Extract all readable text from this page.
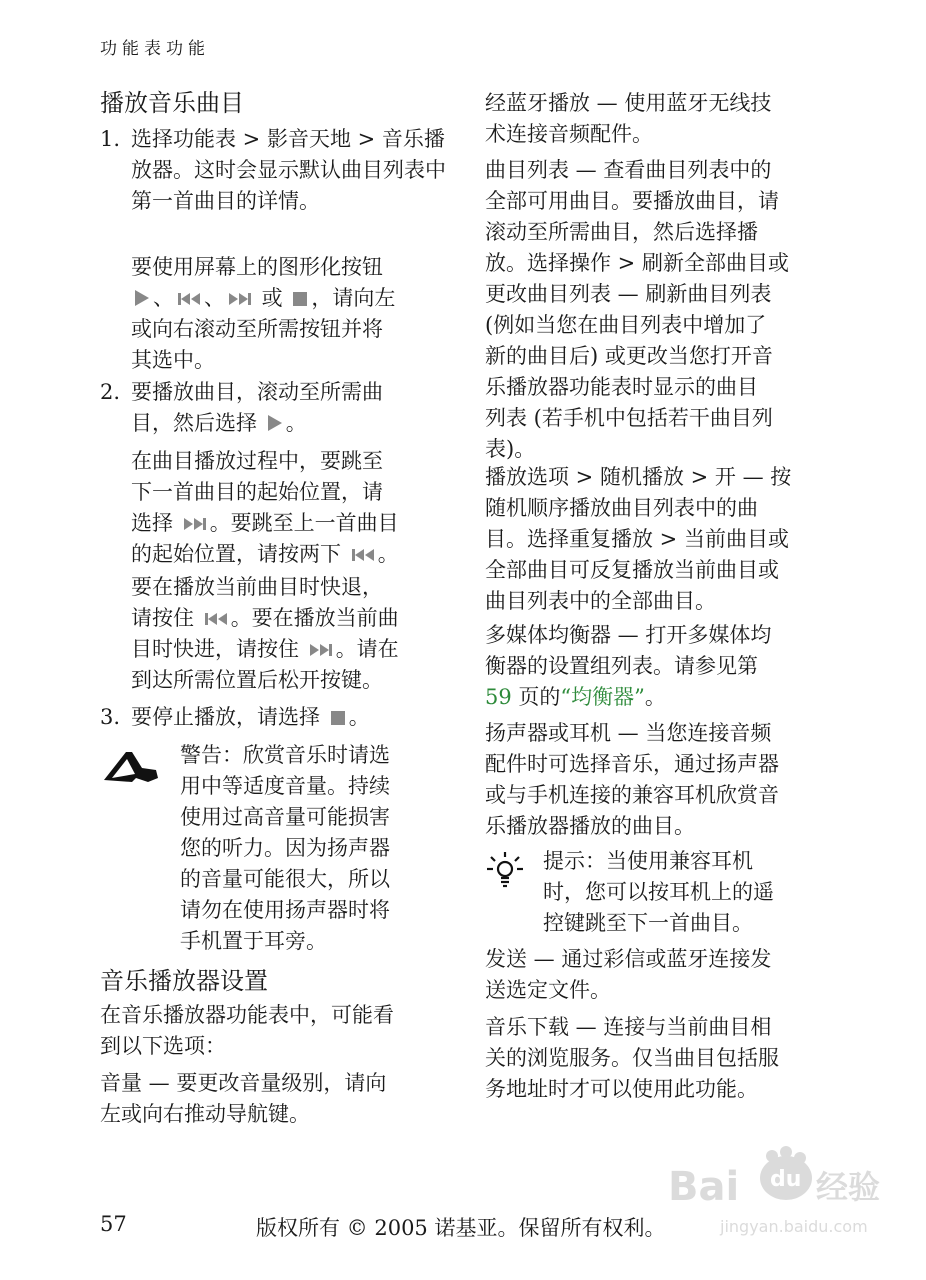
功能表功能
播放音乐曲目
1. 选择功能表 > 影音天地 > 音乐播放器。这时会显示默认曲目列表中第一首曲目的详情。
要使用屏幕上的图形化按钮
、 、 或 ，请向左
或向右滚动至所需按钮并将
其选中。
2. 要播放曲目，滚动至所需曲
目，然后选择 。
在曲目播放过程中，要跳至
下一首曲目的起始位置，请
选择 。要跳至上一首曲目
的起始位置，请按两下 。
要在播放当前曲目时快退，
请按住 。要在播放当前曲
目时快进，请按住 。请在
到达所需位置后松开按键。
3. 要停止播放，请选择 。
警告：欣赏音乐时请选
用中等适度音量。持续
使用过高音量可能损害
您的听力。因为扬声器
的音量可能很大，所以
请勿在使用扬声器时将
手机置于耳旁。
音乐播放器设置
在音乐播放器功能表中，可能看
到以下选项：
音量 — 要更改音量级别，请向
左或向右推动导航键。
经蓝牙播放 — 使用蓝牙无线技
术连接音频配件。
曲目列表 — 查看曲目列表中的
全部可用曲目。要播放曲目，请
滚动至所需曲目，然后选择播
放。选择操作 > 刷新全部曲目或
更改曲目列表 — 刷新曲目列表
(例如当您在曲目列表中增加了
新的曲目后) 或更改当您打开音
乐播放器功能表时显示的曲目
列表 (若手机中包括若干曲目列
表)。
播放选项 > 随机播放 > 开 — 按
随机顺序播放曲目列表中的曲
目。选择重复播放 > 当前曲目或
全部曲目可反复播放当前曲目或
曲目列表中的全部曲目。
多媒体均衡器 — 打开多媒体均
衡器的设置组列表。请参见第
59 页的“均衡器”。
扬声器或耳机 — 当您连接音频
配件时可选择音乐，通过扬声器
或与手机连接的兼容耳机欣赏音
乐播放器播放的曲目。
提示：当使用兼容耳机
时，您可以按耳机上的遥
控键跳至下一首曲目。
发送 — 通过彩信或蓝牙连接发
送选定文件。
音乐下载 — 连接与当前曲目相
关的浏览服务。仅当曲目包括服
务地址时才可以使用此功能。
Bai du 经验
jingyan.baidu.com
57	版权所有 © 2005 诺基亚。保留所有权利。
